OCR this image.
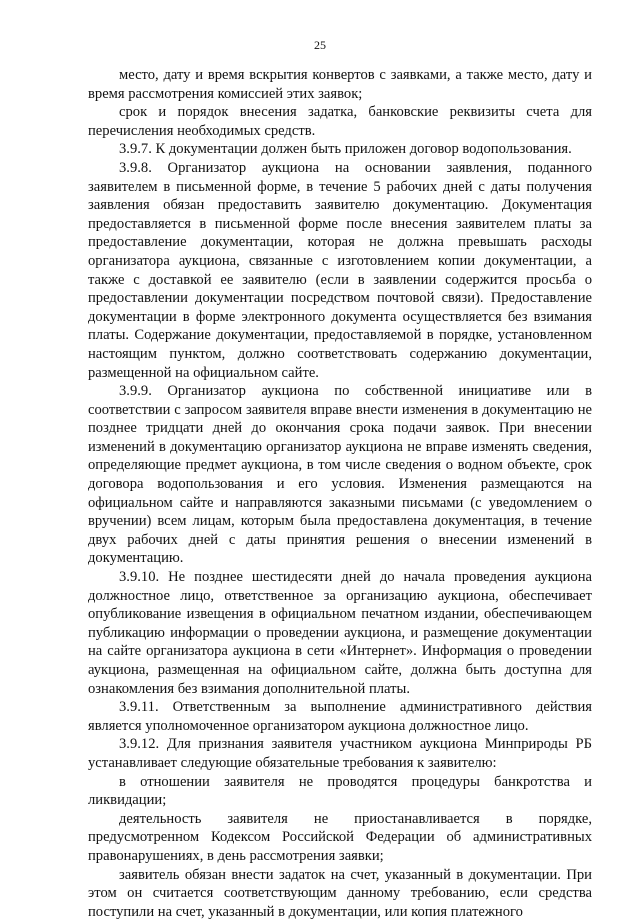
25

место, дату и время вскрытия конвертов с заявками, а также место, дату и время рассмотрения комиссией этих заявок;

срок и порядок внесения задатка, банковские реквизиты счета для перечисления необходимых средств.

3.9.7. К документации должен быть приложен договор водопользования.

3.9.8. Организатор аукциона на основании заявления, поданного заявителем в письменной форме, в течение 5 рабочих дней с даты получения заявления обязан предоставить заявителю документацию. Документация предоставляется в письменной форме после внесения заявителем платы за предоставление документации, которая не должна превышать расходы организатора аукциона, связанные с изготовлением копии документации, а также с доставкой ее заявителю (если в заявлении содержится просьба о предоставлении документации посредством почтовой связи). Предоставление документации в форме электронного документа осуществляется без взимания платы. Содержание документации, предоставляемой в порядке, установленном настоящим пунктом, должно соответствовать содержанию документации, размещенной на официальном сайте.

3.9.9. Организатор аукциона по собственной инициативе или в соответствии с запросом заявителя вправе внести изменения в документацию не позднее тридцати дней до окончания срока подачи заявок. При внесении изменений в документацию организатор аукциона не вправе изменять сведения, определяющие предмет аукциона, в том числе сведения о водном объекте, срок договора водопользования и его условия. Изменения размещаются на официальном сайте и направляются заказными письмами (с уведомлением о вручении) всем лицам, которым была предоставлена документация, в течение двух рабочих дней с даты принятия решения о внесении изменений в документацию.

3.9.10. Не позднее шестидесяти дней до начала проведения аукциона должностное лицо, ответственное за организацию аукциона, обеспечивает опубликование извещения в официальном печатном издании, обеспечивающем публикацию информации о проведении аукциона, и размещение документации на сайте организатора аукциона в сети «Интернет». Информация о проведении аукциона, размещенная на официальном сайте, должна быть доступна для ознакомления без взимания дополнительной платы.

3.9.11. Ответственным за выполнение административного действия является уполномоченное организатором аукциона должностное лицо.

3.9.12. Для признания заявителя участником аукциона Минприроды РБ устанавливает следующие обязательные требования к заявителю:

в отношении заявителя не проводятся процедуры банкротства и ликвидации;

деятельность заявителя не приостанавливается в порядке, предусмотренном Кодексом Российской Федерации об административных правонарушениях, в день рассмотрения заявки;

заявитель обязан внести задаток на счет, указанный в документации. При этом он считается соответствующим данному требованию, если средства поступили на счет, указанный в документации, или копия платежного
